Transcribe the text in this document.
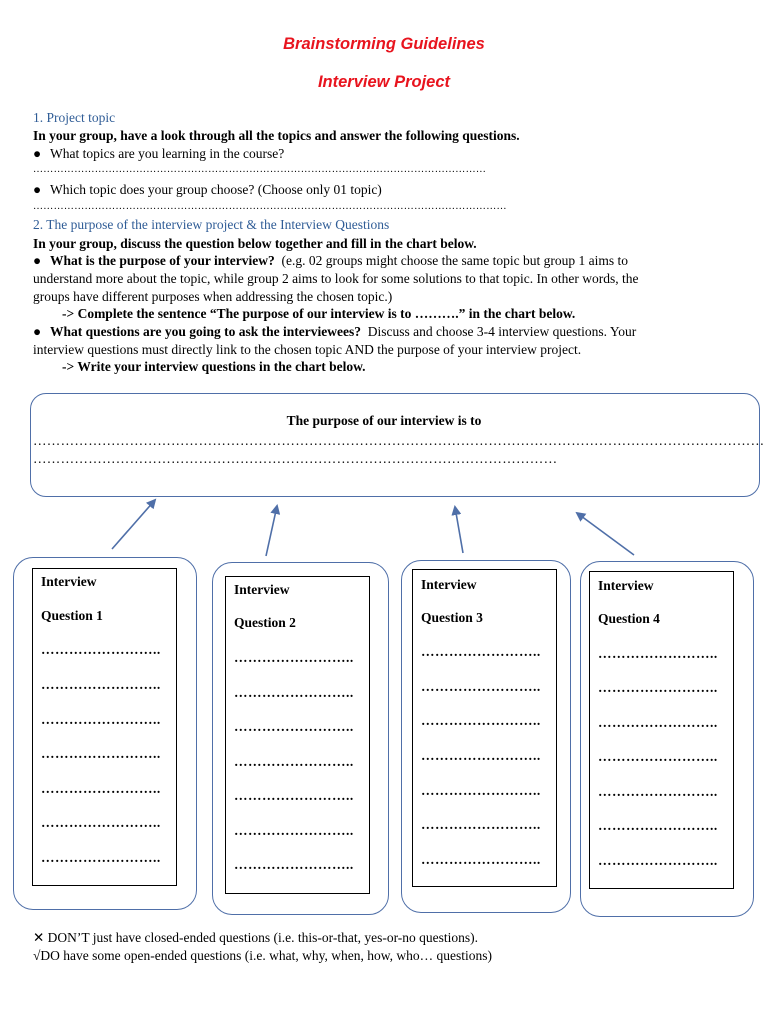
Brainstorming Guidelines
Interview Project
1. Project topic
In your group, have a look through all the topics and answer the following questions.
● What topics are you learning in the course?
……………………………………………………………………………………………………………………
● Which topic does your group choose? (Choose only 01 topic)
…………………………………………………………………………………………………………………………
2. The purpose of the interview project & the Interview Questions
In your group, discuss the question below together and fill in the chart below.
● What is the purpose of your interview? (e.g. 02 groups might choose the same topic but group 1 aims to
understand more about the topic, while group 2 aims to look for some solutions to that topic. In other words, the
groups have different purposes when addressing the chosen topic.)
-> Complete the sentence “The purpose of our interview is to ……….” in the chart below.
● What questions are you going to ask the interviewees? Discuss and choose 3-4 interview questions. Your
interview questions must directly link to the chosen topic AND the purpose of your interview project.
-> Write your interview questions in the chart below.
The purpose of our interview is to
……………………………………………………………………………………………………………………………………………
……………………………………………………………………………………………………
Interview
Question 1
……………………..
……………………..
……………………..
……………………..
……………………..
……………………..
……………………..
Interview
Question 2
……………………..
……………………..
……………………..
……………………..
……………………..
……………………..
……………………..
Interview
Question 3
……………………..
……………………..
……………………..
……………………..
……………………..
……………………..
……………………..
Interview
Question 4
……………………..
……………………..
……………………..
……………………..
……………………..
……………………..
……………………..
✕ DON’T just have closed-ended questions (i.e. this-or-that, yes-or-no questions).
√DO have some open-ended questions (i.e. what, why, when, how, who… questions)
